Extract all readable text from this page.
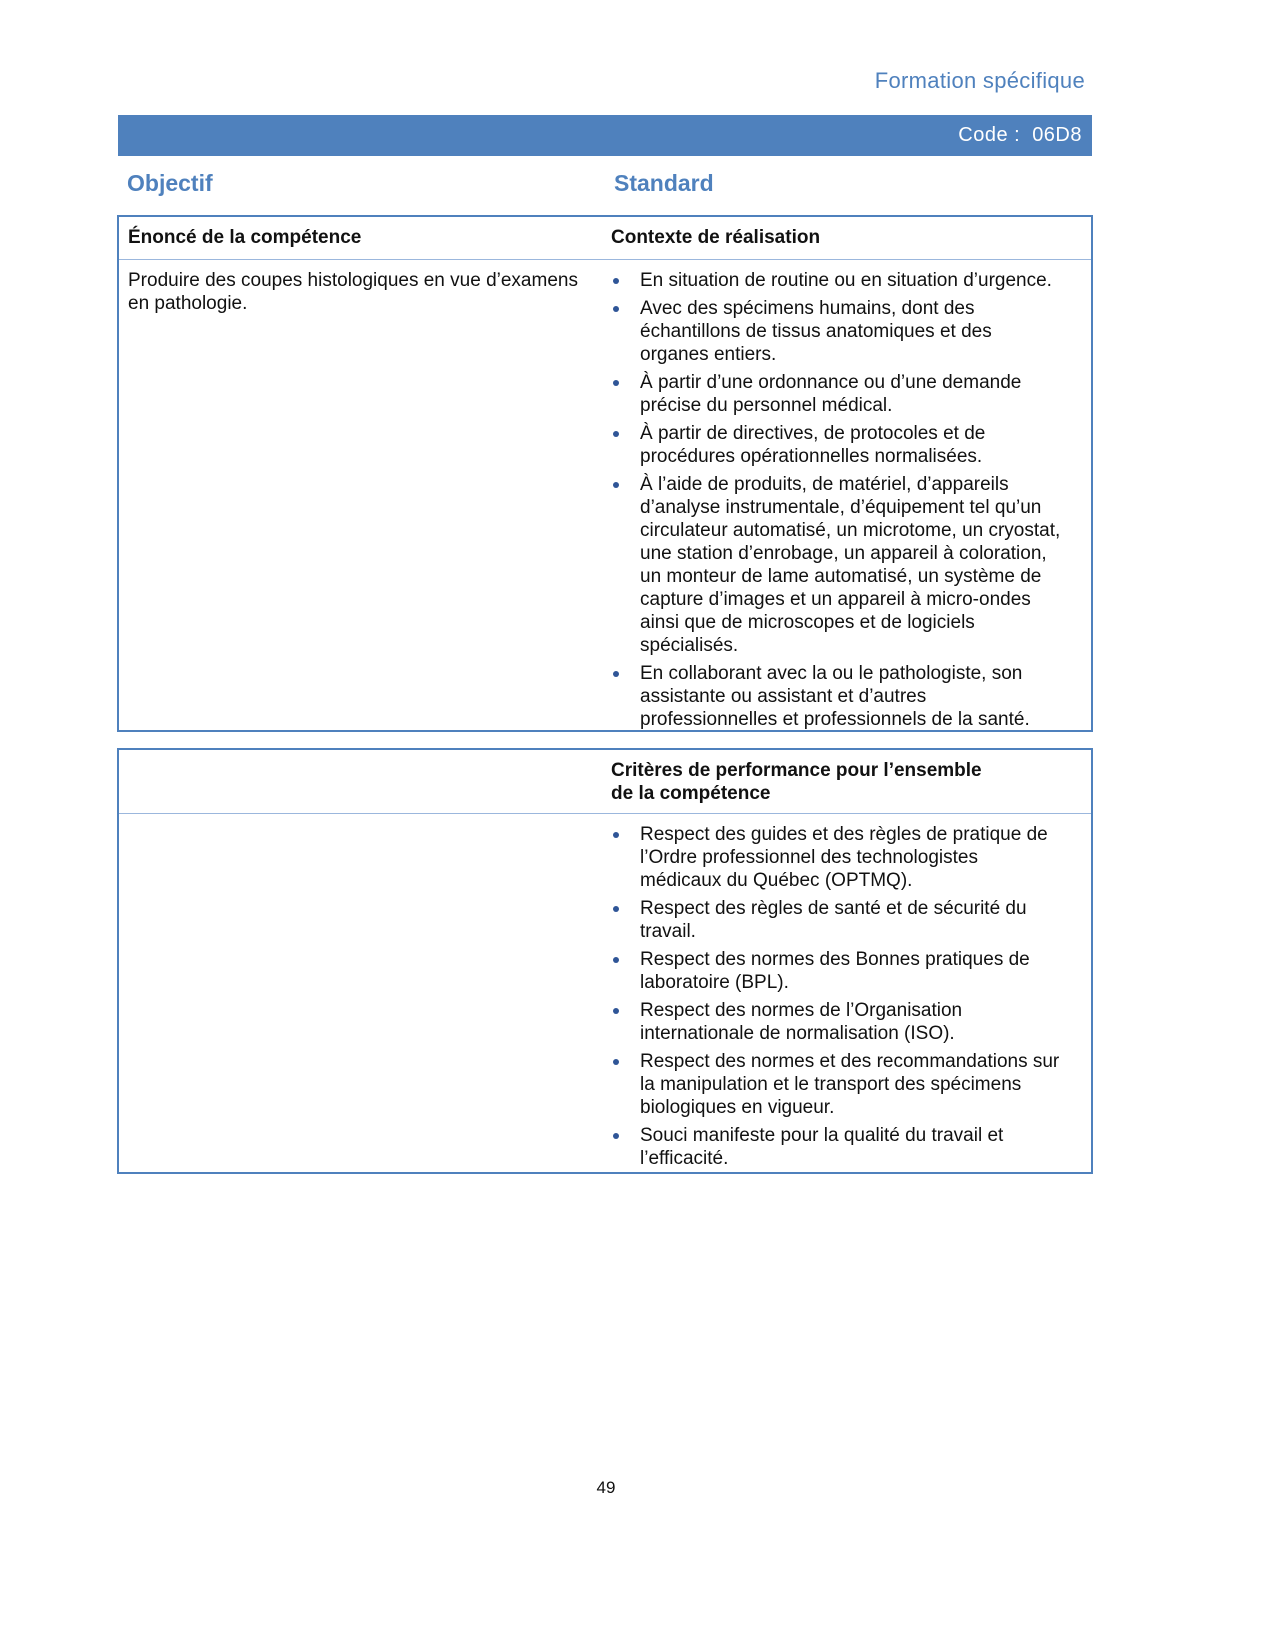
Formation spécifique
Code : 06D8
Objectif	Standard
Énoncé de la compétence	Contexte de réalisation
Produire des coupes histologiques en vue d’examens
en pathologie.
En situation de routine ou en situation d’urgence.
Avec des spécimens humains, dont des
échantillons de tissus anatomiques et des
organes entiers.
À partir d’une ordonnance ou d’une demande
précise du personnel médical.
À partir de directives, de protocoles et de
procédures opérationnelles normalisées.
À l’aide de produits, de matériel, d’appareils
d’analyse instrumentale, d’équipement tel qu’un
circulateur automatisé, un microtome, un cryostat,
une station d’enrobage, un appareil à coloration,
un monteur de lame automatisé, un système de
capture d’images et un appareil à micro-ondes
ainsi que de microscopes et de logiciels
spécialisés.
En collaborant avec la ou le pathologiste, son
assistante ou assistant et d’autres
professionnelles et professionnels de la santé.
Critères de performance pour l’ensemble
de la compétence
Respect des guides et des règles de pratique de
l’Ordre professionnel des technologistes
médicaux du Québec (OPTMQ).
Respect des règles de santé et de sécurité du
travail.
Respect des normes des Bonnes pratiques de
laboratoire (BPL).
Respect des normes de l’Organisation
internationale de normalisation (ISO).
Respect des normes et des recommandations sur
la manipulation et le transport des spécimens
biologiques en vigueur.
Souci manifeste pour la qualité du travail et
l’efficacité.
49
